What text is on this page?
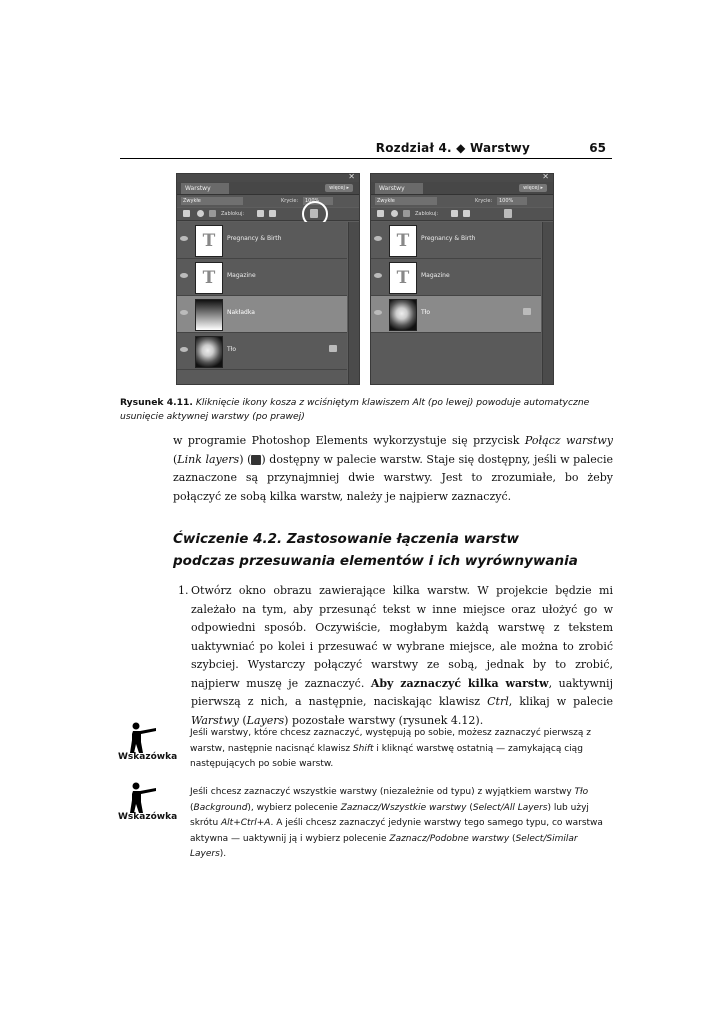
Rozdział 4. ◆ Warstwy	65
✕
Warstwy	więcej ▸
Zwykłe	Krycie:	100%
Zablokuj:
T	Pregnancy & Birth
T	Magazine
Nakładka
Tło
✕
Warstwy	więcej ▸
Zwykłe	Krycie:	100%
Zablokuj:
T	Pregnancy & Birth
T	Magazine
Tło
Rysunek 4.11. Kliknięcie ikony kosza z wciśniętym klawiszem Alt (po lewej) powoduje automatyczne usunięcie aktywnej warstwy (po prawej)
w programie Photoshop Elements wykorzystuje się przycisk Połącz warstwy (Link layers) ( ) dostępny w palecie warstw. Staje się dostępny, jeśli w palecie zaznaczone są przynajmniej dwie warstwy. Jest to zrozumiałe, bo żeby połączyć ze sobą kilka warstw, należy je najpierw zaznaczyć.
Ćwiczenie 4.2. Zastosowanie łączenia warstw
podczas przesuwania elementów i ich wyrównywania
1. Otwórz okno obrazu zawierające kilka warstw. W projekcie będzie mi zależało na tym, aby przesunąć tekst w inne miejsce oraz ułożyć go w odpowiedni sposób. Oczywiście, mogłabym każdą warstwę z tekstem uaktywniać po kolei i przesuwać w wybrane miejsce, ale można to zrobić szybciej. Wystarczy połączyć warstwy ze sobą, jednak by to zrobić, najpierw muszę je zaznaczyć. Aby zaznaczyć kilka warstw, uaktywnij pierwszą z nich, a następnie, naciskając klawisz Ctrl, klikaj w palecie Warstwy (Layers) pozostałe warstwy (rysunek 4.12).
Wskazówka
Jeśli warstwy, które chcesz zaznaczyć, występują po sobie, możesz zaznaczyć pierwszą z warstw, następnie nacisnąć klawisz Shift i kliknąć warstwę ostatnią — zamykającą ciąg następujących po sobie warstw.
Wskazówka
Jeśli chcesz zaznaczyć wszystkie warstwy (niezależnie od typu) z wyjątkiem warstwy Tło (Background), wybierz polecenie Zaznacz/Wszystkie warstwy (Select/All Layers) lub użyj skrótu Alt+Ctrl+A. A jeśli chcesz zaznaczyć jedynie warstwy tego samego typu, co warstwa aktywna — uaktywnij ją i wybierz polecenie Zaznacz/Podobne warstwy (Select/Similar Layers).
